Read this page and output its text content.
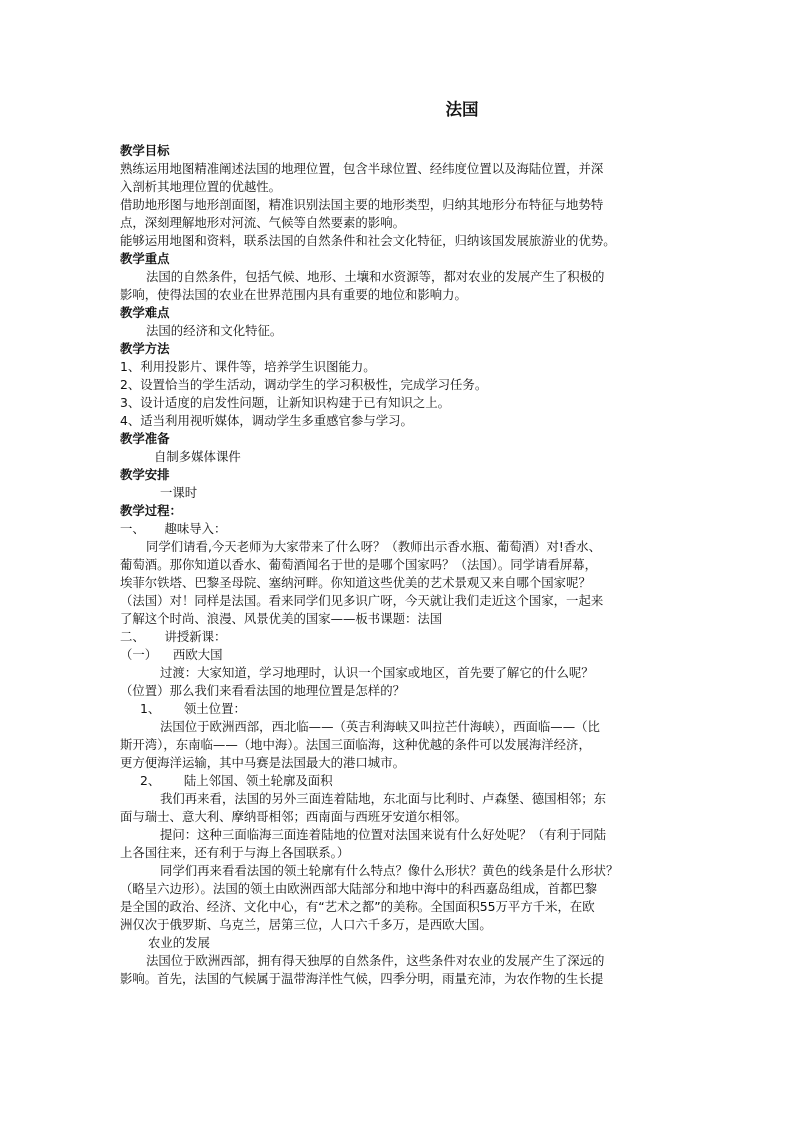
法国
教学目标
熟练运用地图精准阐述法国的地理位置，包含半球位置、经纬度位置以及海陆位置，并深
入剖析其地理位置的优越性。
借助地形图与地形剖面图，精准识别法国主要的地形类型，归纳其地形分布特征与地势特
点，深刻理解地形对河流、气候等自然要素的影响。
能够运用地图和资料，联系法国的自然条件和社会文化特征，归纳该国发展旅游业的优势。
教学重点
法国的自然条件，包括气候、地形、土壤和水资源等，都对农业的发展产生了积极的
影响，使得法国的农业在世界范围内具有重要的地位和影响力。
教学难点
法国的经济和文化特征。
教学方法
1、利用投影片、课件等，培养学生识图能力。
2、设置恰当的学生活动，调动学生的学习积极性，完成学习任务。
3、设计适度的启发性问题，让新知识构建于已有知识之上。
4、适当利用视听媒体，调动学生多重感官参与学习。
教学准备
自制多媒体课件
教学安排
一课时
教学过程：
一、     趣味导入：
同学们请看,今天老师为大家带来了什么呀？（教师出示香水瓶、葡萄酒）对!香水、
葡萄酒。那你知道以香水、葡萄酒闻名于世的是哪个国家吗？（法国）。同学请看屏幕，
埃菲尔铁塔、巴黎圣母院、塞纳河畔。你知道这些优美的艺术景观又来自哪个国家呢？
（法国）对！同样是法国。看来同学们见多识广呀，今天就让我们走近这个国家，一起来
了解这个时尚、浪漫、风景优美的国家——板书课题：法国
二、     讲授新课：
（一）    西欧大国
过渡：大家知道，学习地理时，认识一个国家或地区，首先要了解它的什么呢？
（位置）那么我们来看看法国的地理位置是怎样的？
1、      领土位置：
法国位于欧洲西部，西北临——（英吉利海峡又叫拉芒什海峡），西面临——（比
斯开湾），东南临——（地中海）。法国三面临海，这种优越的条件可以发展海洋经济，
更方便海洋运输，其中马赛是法国最大的港口城市。
2、      陆上邻国、领土轮廓及面积
我们再来看，法国的另外三面连着陆地，东北面与比利时、卢森堡、德国相邻；东
面与瑞士、意大利、摩纳哥相邻；西南面与西班牙安道尔相邻。
提问：这种三面临海三面连着陆地的位置对法国来说有什么好处呢？（有利于同陆
上各国往来，还有利于与海上各国联系。）
同学们再来看看法国的领土轮廓有什么特点？像什么形状？黄色的线条是什么形状？
（略呈六边形）。法国的领土由欧洲西部大陆部分和地中海中的科西嘉岛组成，首都巴黎
是全国的政治、经济、文化中心，有“艺术之都”的美称。全国面积55万平方千米，在欧
洲仅次于俄罗斯、乌克兰，居第三位，人口六千多万，是西欧大国。
农业的发展
法国位于欧洲西部，拥有得天独厚的自然条件，这些条件对农业的发展产生了深远的
影响。首先，法国的气候属于温带海洋性气候，四季分明，雨量充沛，为农作物的生长提
